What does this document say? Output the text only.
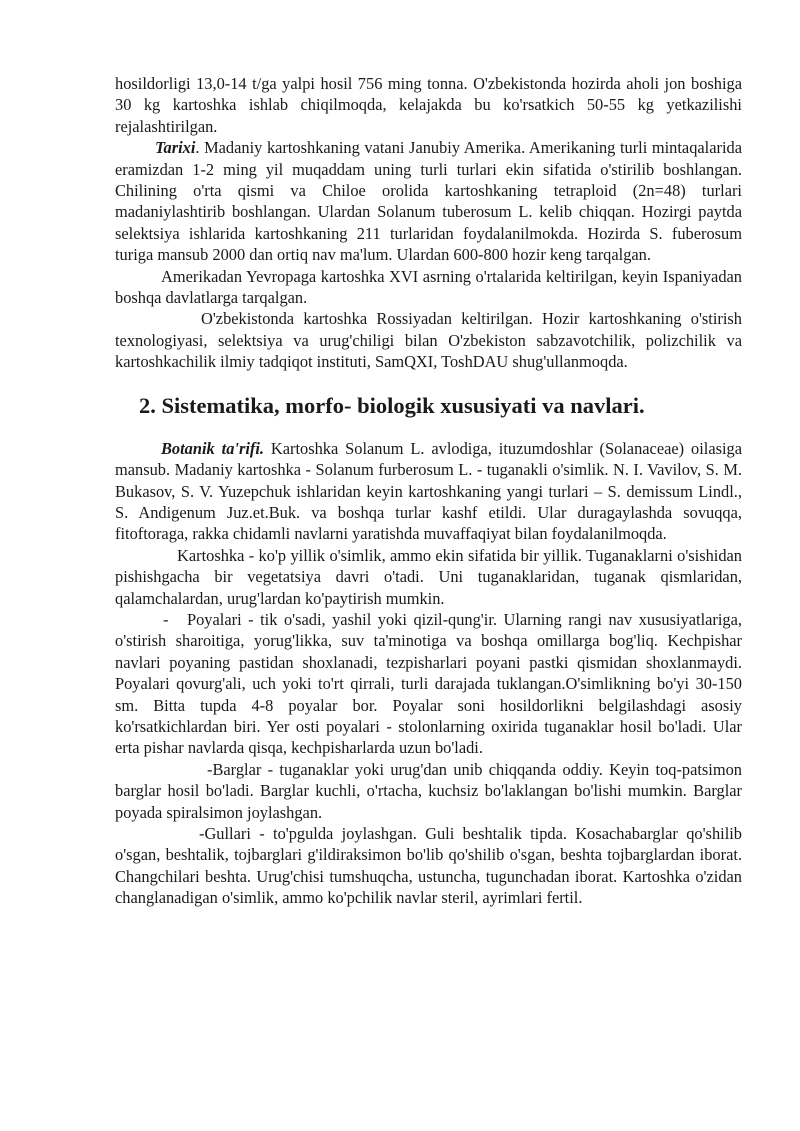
hosildorligi 13,0-14 t/ga yalpi hosil 756 ming tonna. O'zbekistonda hozirda aholi jon boshiga 30 kg kartoshka ishlab chiqilmoqda, kelajakda bu ko'rsatkich 50-55 kg yetkazilishi rejalashtirilgan.

Tarixi. Madaniy kartoshkaning vatani Janubiy Amerika. Amerikaning turli mintaqalarida eramizdan 1-2 ming yil muqaddam uning turli turlari ekin sifatida o'stirilib boshlangan. Chilining o'rta qismi va Chiloe orolida kartoshkaning tetraploid (2n=48) turlari madaniylashtirib boshlangan. Ulardan Solanum tuberosum L. kelib chiqqan. Hozirgi paytda selektsiya ishlarida kartoshkaning 211 turlaridan foydalanilmokda. Hozirda S. fuberosum turiga mansub 2000 dan ortiq nav ma'lum. Ulardan 600-800 hozir keng tarqalgan.

Amerikadan Yevropaga kartoshka XVI asrning o'rtalarida keltirilgan, keyin Ispaniyadan boshqa davlatlarga tarqalgan.

O'zbekistonda kartoshka Rossiyadan keltirilgan. Hozir kartoshkaning o'stirish texnologiyasi, selektsiya va urug'chiligi bilan O'zbekiston sabzavotchilik, polizchilik va kartoshkachilik ilmiy tadqiqot instituti, SamQXI, ToshDAU shug'ullanmoqda.

2. Sistematika, morfo- biologik xususiyati va navlari.

Botanik ta'rifi. Kartoshka Solanum L. avlodiga, ituzumdoshlar (Solanaceae) oilasiga mansub. Madaniy kartoshka - Solanum furberosum L. - tuganakli o'simlik. N. I. Vavilov, S. M. Bukasov, S. V. Yuzepchuk ishlaridan keyin kartoshkaning yangi turlari – S. demissum Lindl., S. Andigenum Juz.et.Buk. va boshqa turlar kashf etildi. Ular duragaylashda sovuqqa, fitoftoraga, rakka chidamli navlarni yaratishda muvaffaqiyat bilan foydalanilmoqda.

Kartoshka - ko'p yillik o'simlik, ammo ekin sifatida bir yillik. Tuganaklarni o'sishidan pishishgacha bir vegetatsiya davri o'tadi. Uni tuganaklaridan, tuganak qismlaridan, qalamchalardan, urug'lardan ko'paytirish mumkin.

- Poyalari - tik o'sadi, yashil yoki qizil-qung'ir. Ularning rangi nav xususiyatlariga, o'stirish sharoitiga, yorug'likka, suv ta'minotiga va boshqa omillarga bog'liq. Kechpishar navlari poyaning pastidan shoxlanadi, tezpisharlari poyani pastki qismidan shoxlanmaydi. Poyalari qovurg'ali, uch yoki to'rt qirrali, turli darajada tuklangan.O'simlikning bo'yi 30-150 sm. Bitta tupda 4-8 poyalar bor. Poyalar soni hosildorlikni belgilashdagi asosiy ko'rsatkichlardan biri. Yer osti poyalari - stolonlarning oxirida tuganaklar hosil bo'ladi. Ular erta pishar navlarda qisqa, kechpisharlarda uzun bo'ladi.

-Barglar - tuganaklar yoki urug'dan unib chiqqanda oddiy. Keyin toq-patsimon barglar hosil bo'ladi. Barglar kuchli, o'rtacha, kuchsiz bo'laklangan bo'lishi mumkin. Barglar poyada spiralsimon joylashgan.

-Gullari - to'pgulda joylashgan. Guli beshtalik tipda. Kosachabarglar qo'shilib o'sgan, beshtalik, tojbarglari g'ildiraksimon bo'lib qo'shilib o'sgan, beshta tojbarglardan iborat. Changchilari beshta. Urug'chisi tumshuqcha, ustuncha, tugunchadan iborat. Kartoshka o'zidan changlanadigan o'simlik, ammo ko'pchilik navlar steril, ayrimlari fertil.
